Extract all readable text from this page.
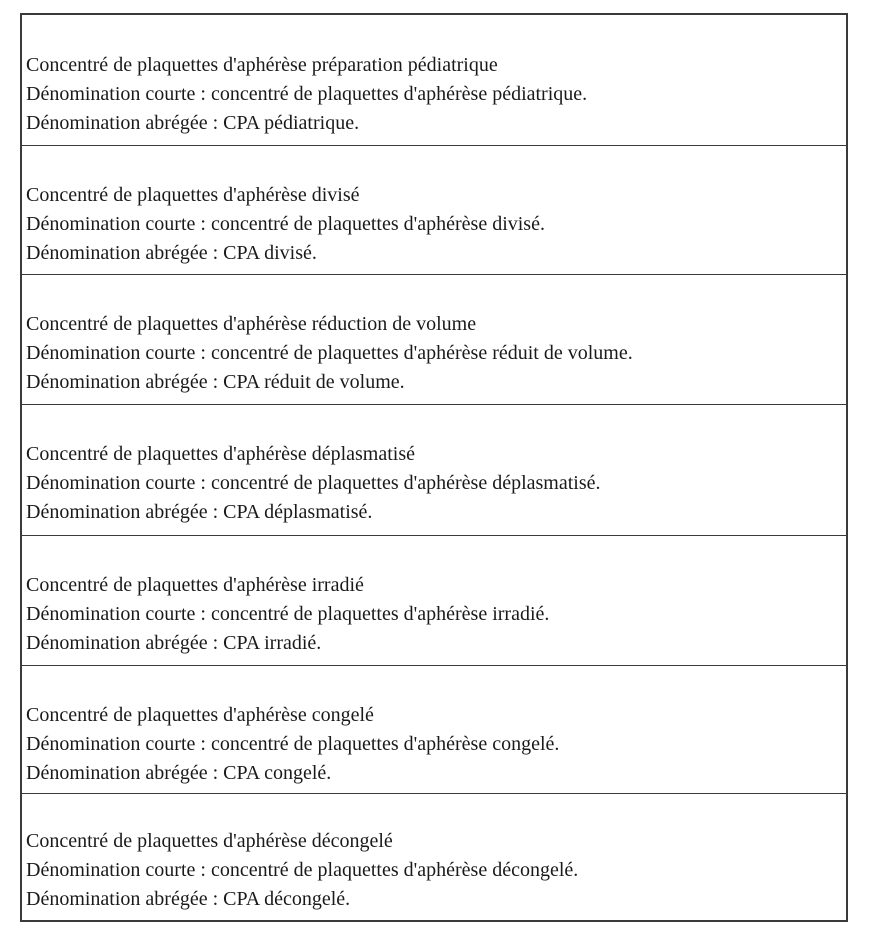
Concentré de plaquettes d'aphérèse préparation pédiatrique
Dénomination courte : concentré de plaquettes d'aphérèse pédiatrique.
Dénomination abrégée : CPA pédiatrique.
Concentré de plaquettes d'aphérèse divisé
Dénomination courte : concentré de plaquettes d'aphérèse divisé.
Dénomination abrégée : CPA divisé.
Concentré de plaquettes d'aphérèse réduction de volume
Dénomination courte : concentré de plaquettes d'aphérèse réduit de volume.
Dénomination abrégée : CPA réduit de volume.
Concentré de plaquettes d'aphérèse déplasmatisé
Dénomination courte : concentré de plaquettes d'aphérèse déplasmatisé.
Dénomination abrégée : CPA déplasmatisé.
Concentré de plaquettes d'aphérèse irradié
Dénomination courte : concentré de plaquettes d'aphérèse irradié.
Dénomination abrégée : CPA irradié.
Concentré de plaquettes d'aphérèse congelé
Dénomination courte : concentré de plaquettes d'aphérèse congelé.
Dénomination abrégée : CPA congelé.
Concentré de plaquettes d'aphérèse décongelé
Dénomination courte : concentré de plaquettes d'aphérèse décongelé.
Dénomination abrégée : CPA décongelé.
